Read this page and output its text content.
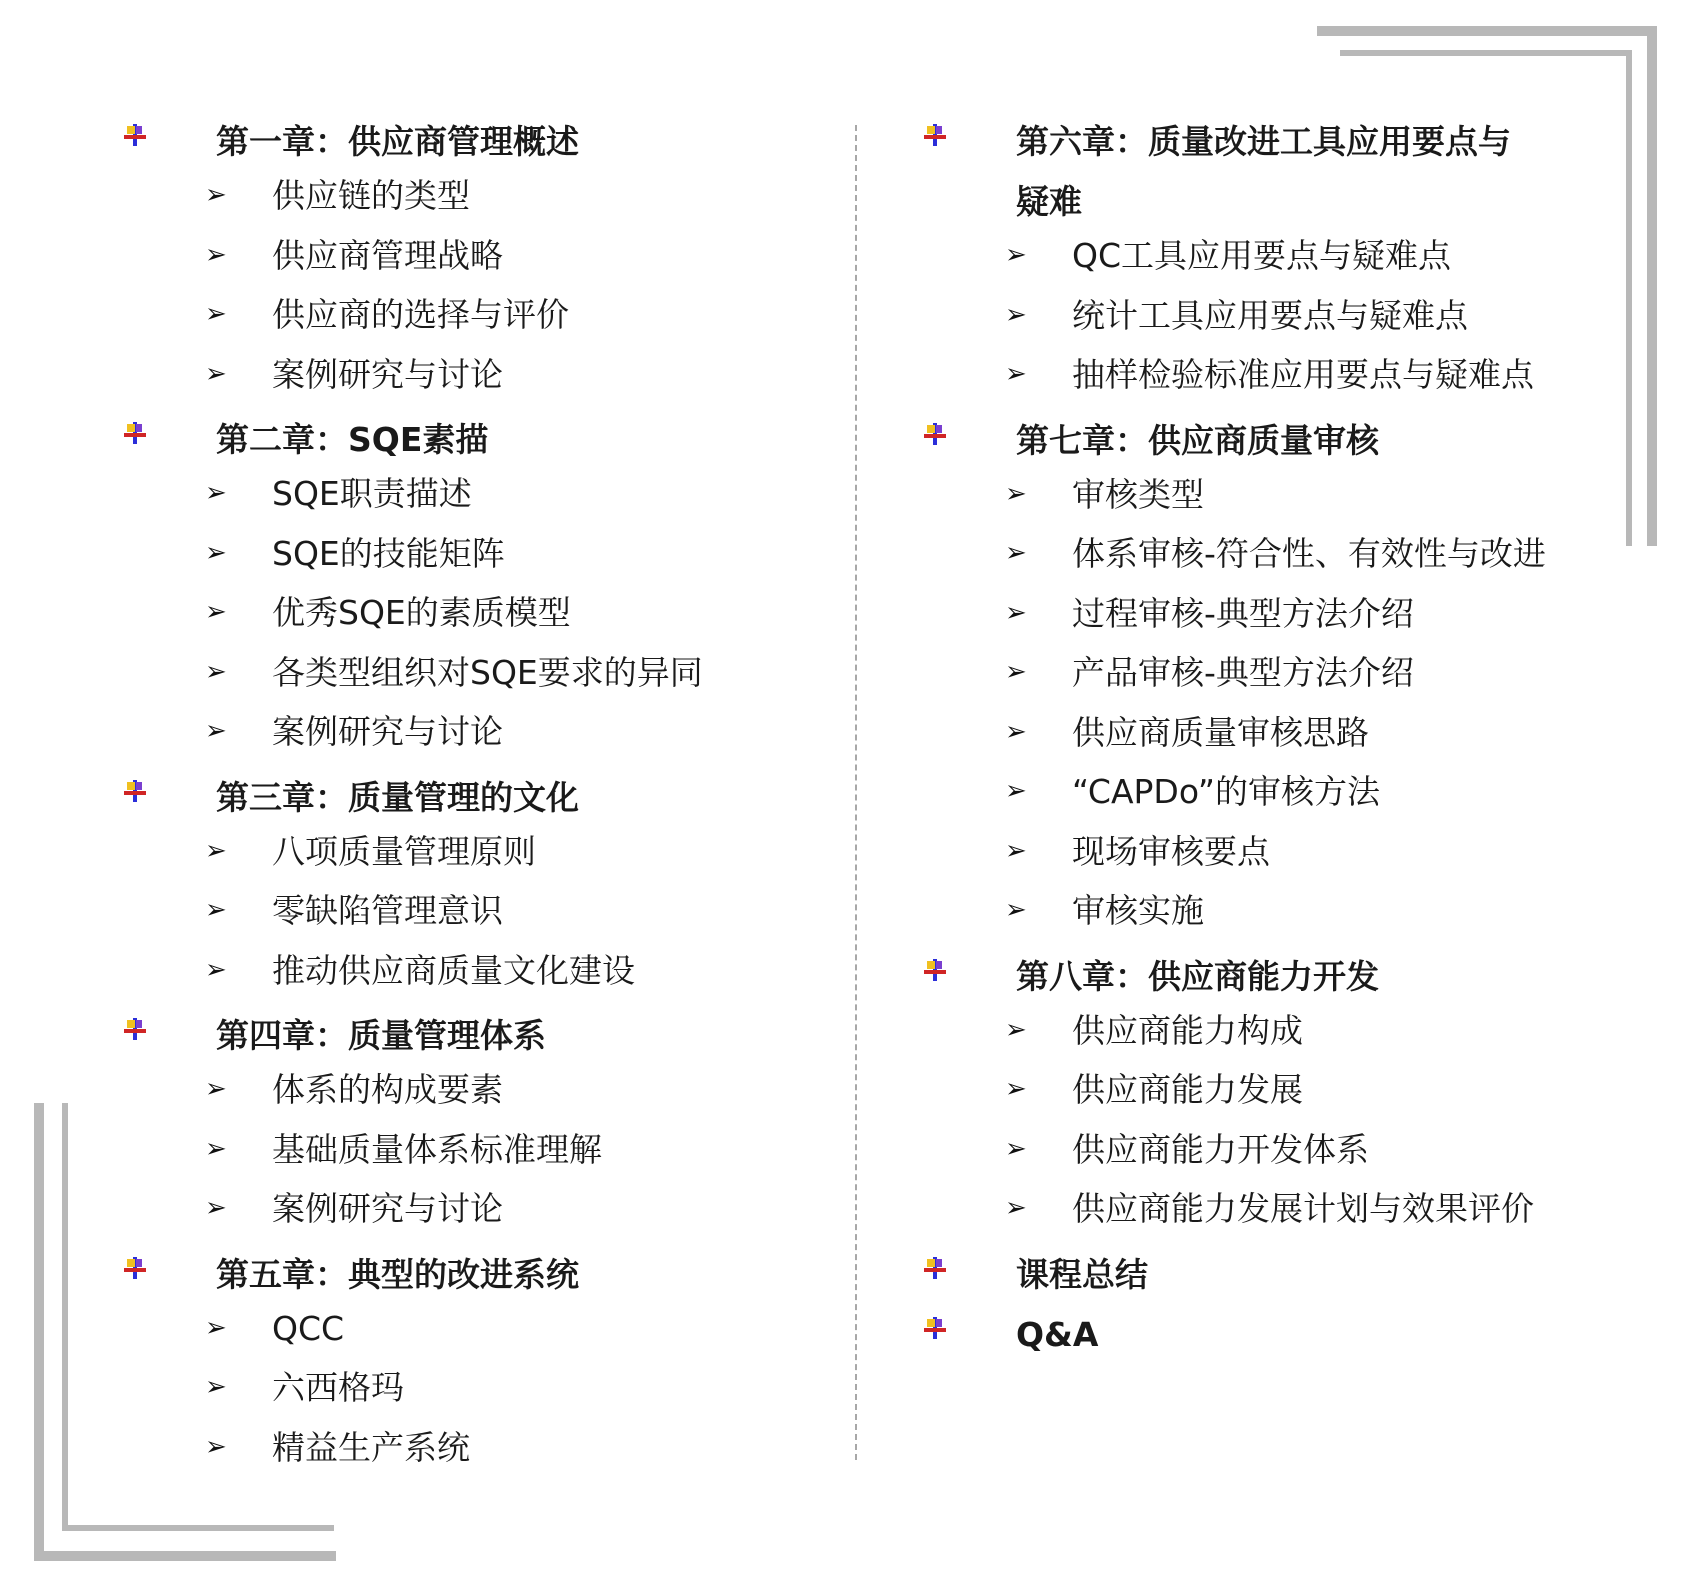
第一章：供应商管理概述
➢ 供应链的类型
➢ 供应商管理战略
➢ 供应商的选择与评价
➢ 案例研究与讨论
第二章：SQE素描
➢ SQE职责描述
➢ SQE的技能矩阵
➢ 优秀SQE的素质模型
➢ 各类型组织对SQE要求的异同
➢ 案例研究与讨论
第三章：质量管理的文化
➢ 八项质量管理原则
➢ 零缺陷管理意识
➢ 推动供应商质量文化建设
第四章：质量管理体系
➢ 体系的构成要素
➢ 基础质量体系标准理解
➢ 案例研究与讨论
第五章：典型的改进系统
➢ QCC
➢ 六西格玛
➢ 精益生产系统
第六章：质量改进工具应用要点与疑难
➢ QC工具应用要点与疑难点
➢ 统计工具应用要点与疑难点
➢ 抽样检验标准应用要点与疑难点
第七章：供应商质量审核
➢ 审核类型
➢ 体系审核-符合性、有效性与改进
➢ 过程审核-典型方法介绍
➢ 产品审核-典型方法介绍
➢ 供应商质量审核思路
➢ “CAPDo”的审核方法
➢ 现场审核要点
➢ 审核实施
第八章：供应商能力开发
➢ 供应商能力构成
➢ 供应商能力发展
➢ 供应商能力开发体系
➢ 供应商能力发展计划与效果评价
课程总结
Q&A
